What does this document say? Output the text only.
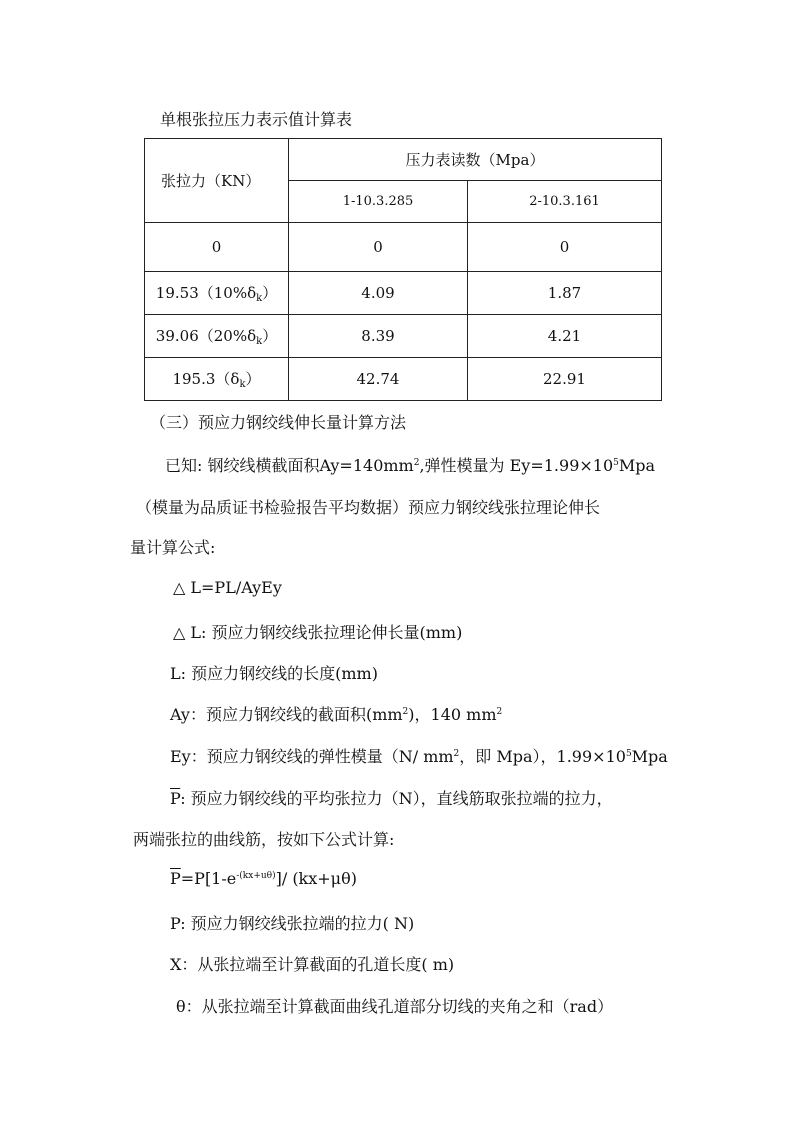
单根张拉压力表示值计算表
张拉力（KN）	压力表读数（Mpa）	
	1-10.3.285	2-10.3.161
0	0	0
$19.53(10\%\delta_k)$	4.09	1.87
$39.06(20\%\delta_k)$	8.39	4.21
$195.3(\delta_k)$	42.74	22.91
（三）预应力钢绞线伸长量计算方法
已知: 钢绞线横截面积$Ay=140mm^2$,弹性模量为 $Ey=1.99\times 10^5Mpa$
（模量为品质证书检验报告平均数据）预应力钢绞线张拉理论伸长
量计算公式:
△ L=PL/AyEy
△ L: 预应力钢绞线张拉理论伸长量(mm)
L: 预应力钢绞线的长度(mm)
Ay：预应力钢绞线的截面积$(mm^2)$，140 $mm^2$
Ey：预应力钢绞线的弹性模量（N/ $mm^2$，即 Mpa），$1.99\times 10^5Mpa$
$\overline{P}$: 预应力钢绞线的平均张拉力（N），直线筋取张拉端的拉力，
两端张拉的曲线筋，按如下公式计算:
$\overline{P}=P[1-e^{-(kx+u\theta)}]/$ (kx+μθ)
P: 预应力钢绞线张拉端的拉力( N)
X：从张拉端至计算截面的孔道长度( m)
θ：从张拉端至计算截面曲线孔道部分切线的夹角之和（rad）
